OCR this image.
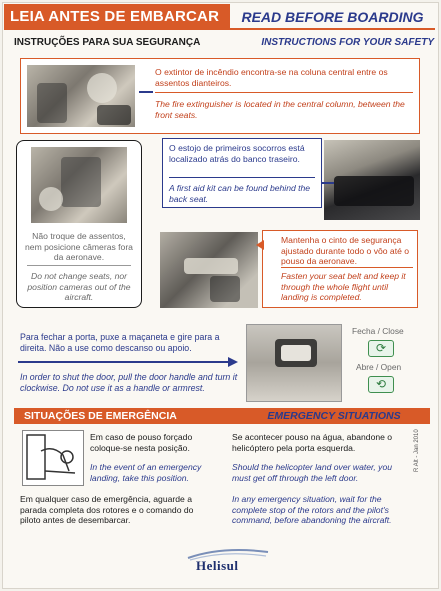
LEIA ANTES DE EMBARCAR	READ BEFORE BOARDING
INSTRUÇÕES PARA SUA SEGURANÇA	INSTRUCTIONS FOR YOUR SAFETY
O extintor de incêndio encontra-se na coluna central entre os assentos dianteiros.
The fire extinguisher is located in the central column, between the front seats.
Não troque de assentos, nem posicione câmeras fora da aeronave.
Do not change seats, nor position cameras out of the aircraft.
O estojo de primeiros socorros está localizado atrás do banco traseiro.
A first aid kit can be found behind the back seat.
Mantenha o cinto de segurança ajustado durante todo o vôo até o pouso da aeronave.
Fasten your seat belt and keep it through the whole flight until landing is completed.
Para fechar a porta, puxe a maçaneta e gire para a direita. Não a use como descanso ou apoio.
In order to shut the door, pull the door handle and turn it clockwise. Do not use it as a handle or armrest.
Fecha / Close
⟳
Abre / Open
⟲
SITUAÇÕES DE EMERGÊNCIA	EMERGENCY SITUATIONS
Em caso de pouso forçado coloque-se nesta posição.
In the event of an emergency landing, take this position.
Se acontecer pouso na água, abandone o helicóptero pela porta esquerda.
Should the helicopter land over water, you must get off through the left door.
Em qualquer caso de emergência, aguarde a parada completa dos rotores e o comando do piloto antes de desembarcar.
In any emergency situation, wait for the complete stop of the rotors and the pilot's command, before abandoning the aircraft.
R Alt - Jan 2010
Helisul
